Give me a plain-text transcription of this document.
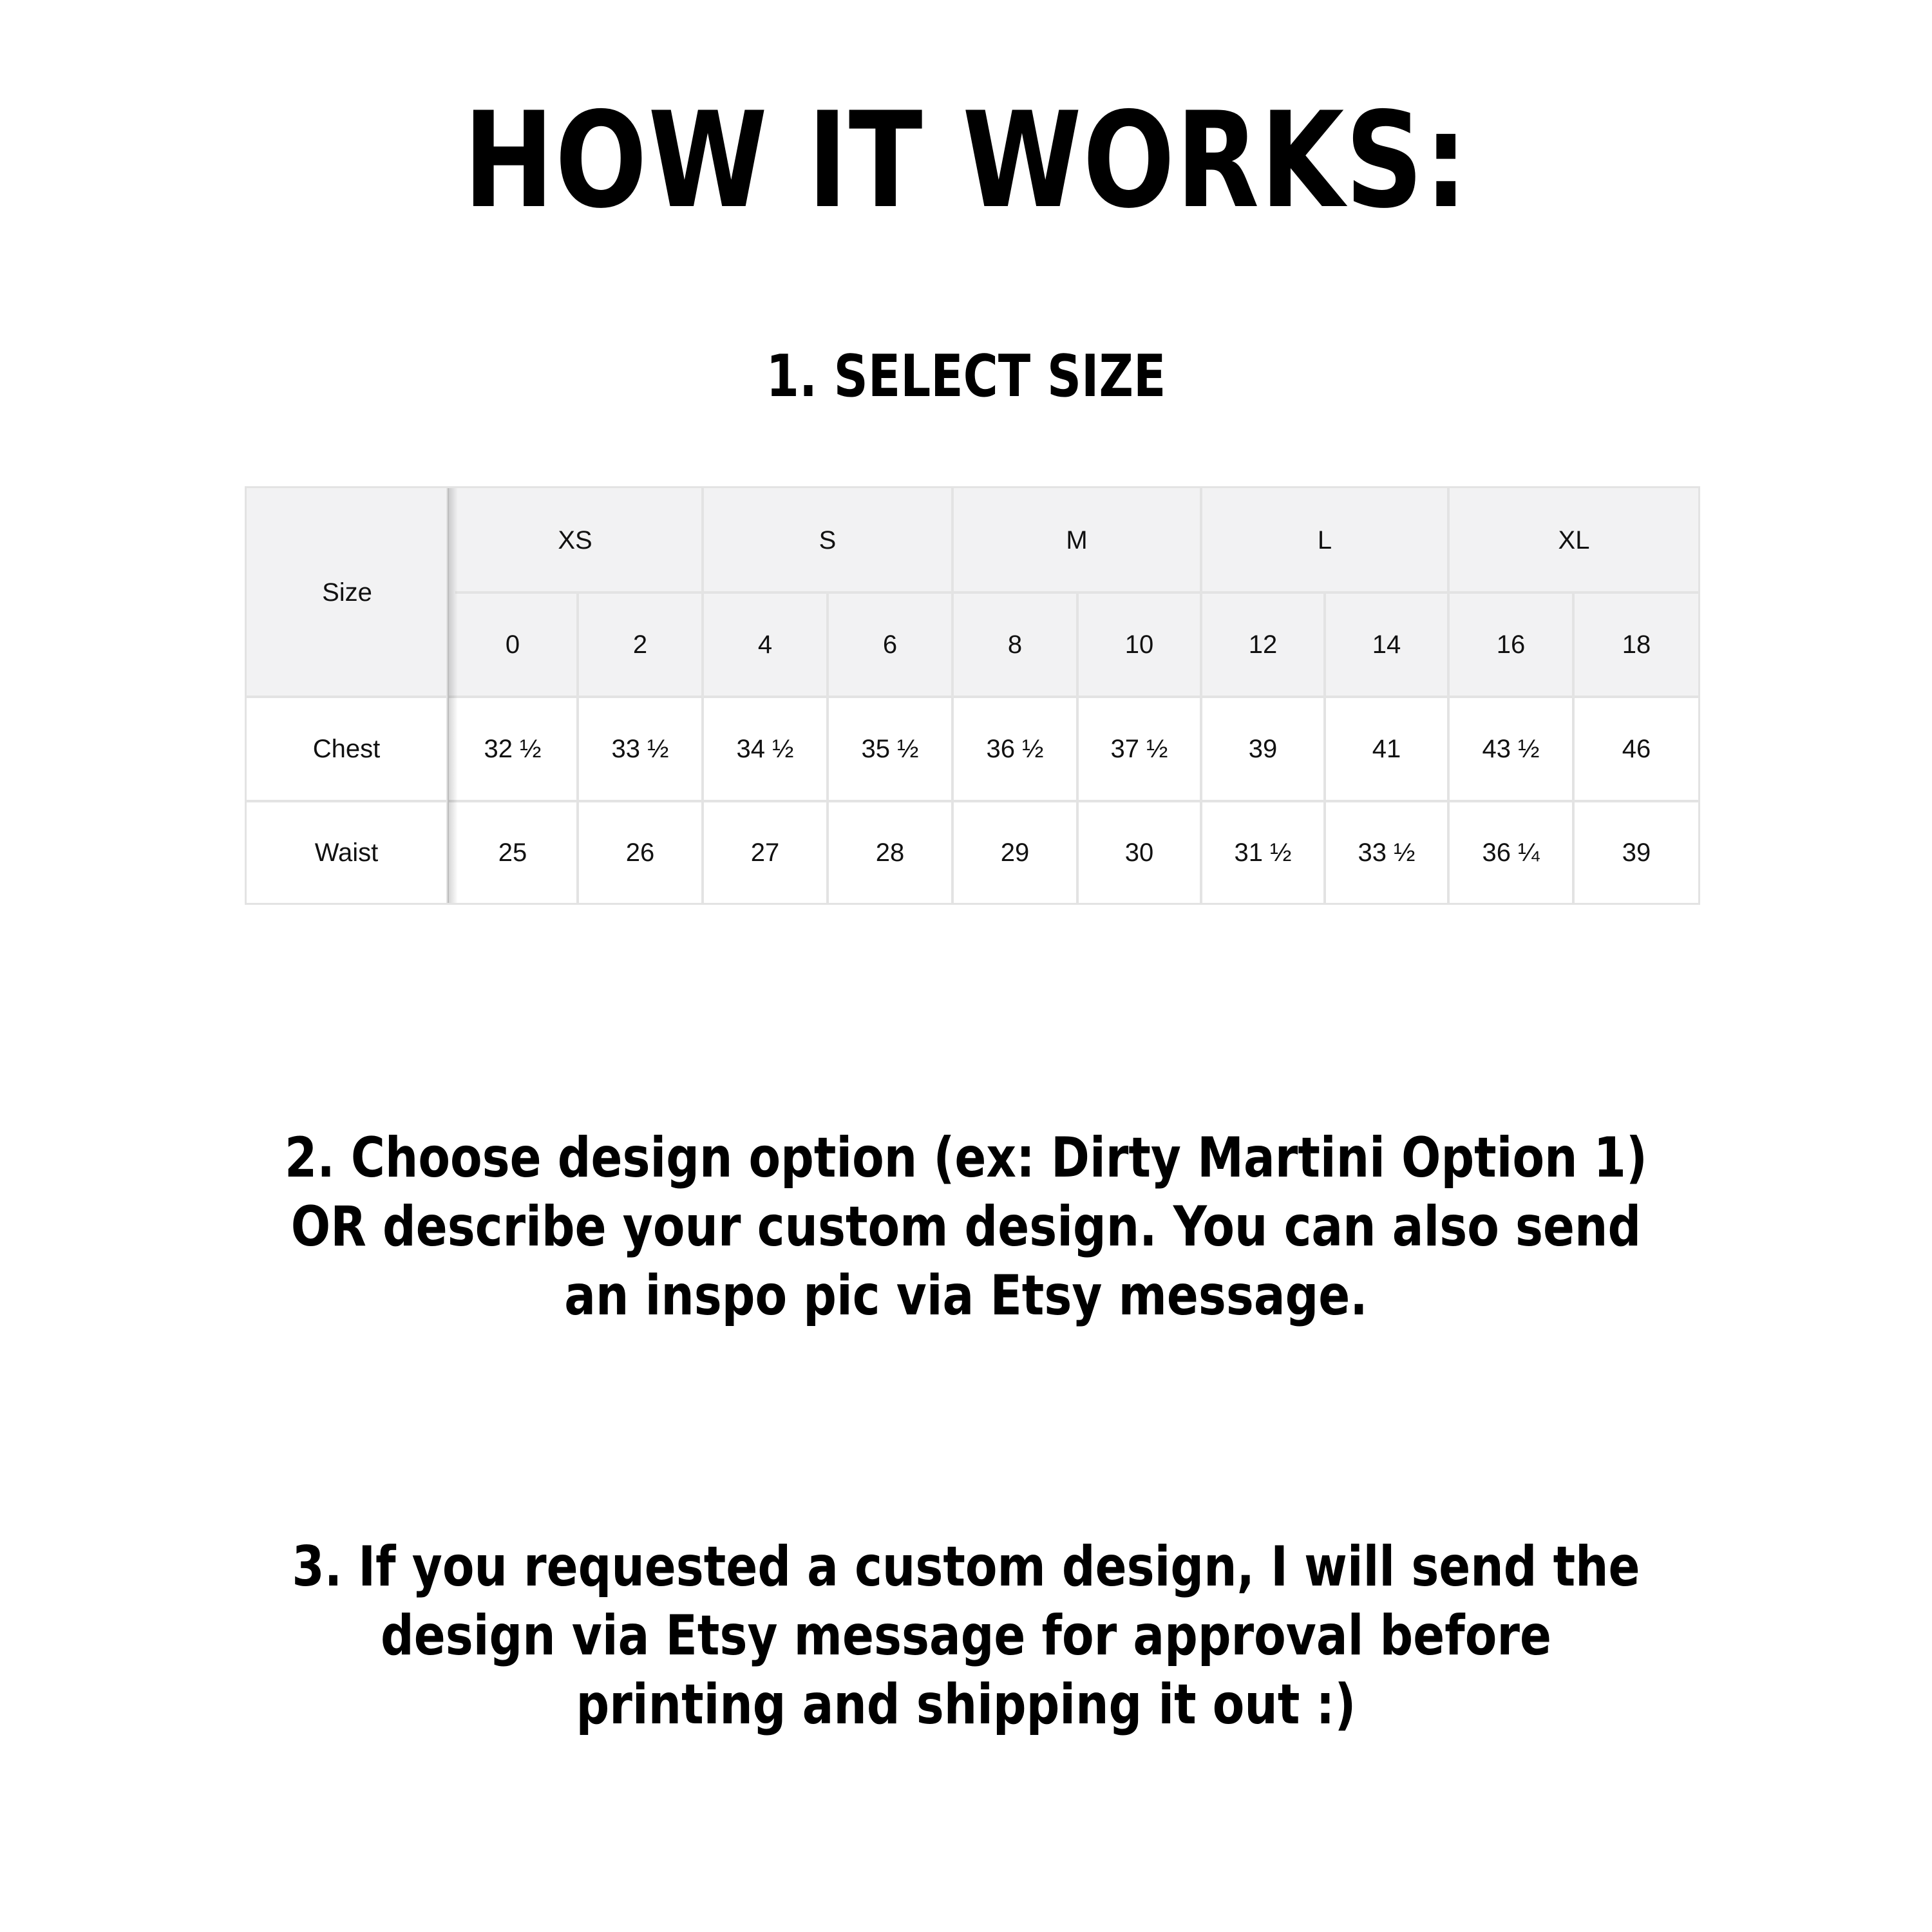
HOW IT WORKS:
1. SELECT SIZE
Size
XS	S	M	L	XL
0	2	4	6	8	10	12	14	16	18
Chest	32 ½	33 ½	34 ½	35 ½	36 ½	37 ½	39	41	43 ½	46
Waist	25	26	27	28	29	30	31 ½	33 ½	36 ¼	39
2. Choose design option (ex: Dirty Martini Option 1)
OR describe your custom design. You can also send
an inspo pic via Etsy message.
3. If you requested a custom design, I will send the
design via Etsy message for approval before
printing and shipping it out :)
